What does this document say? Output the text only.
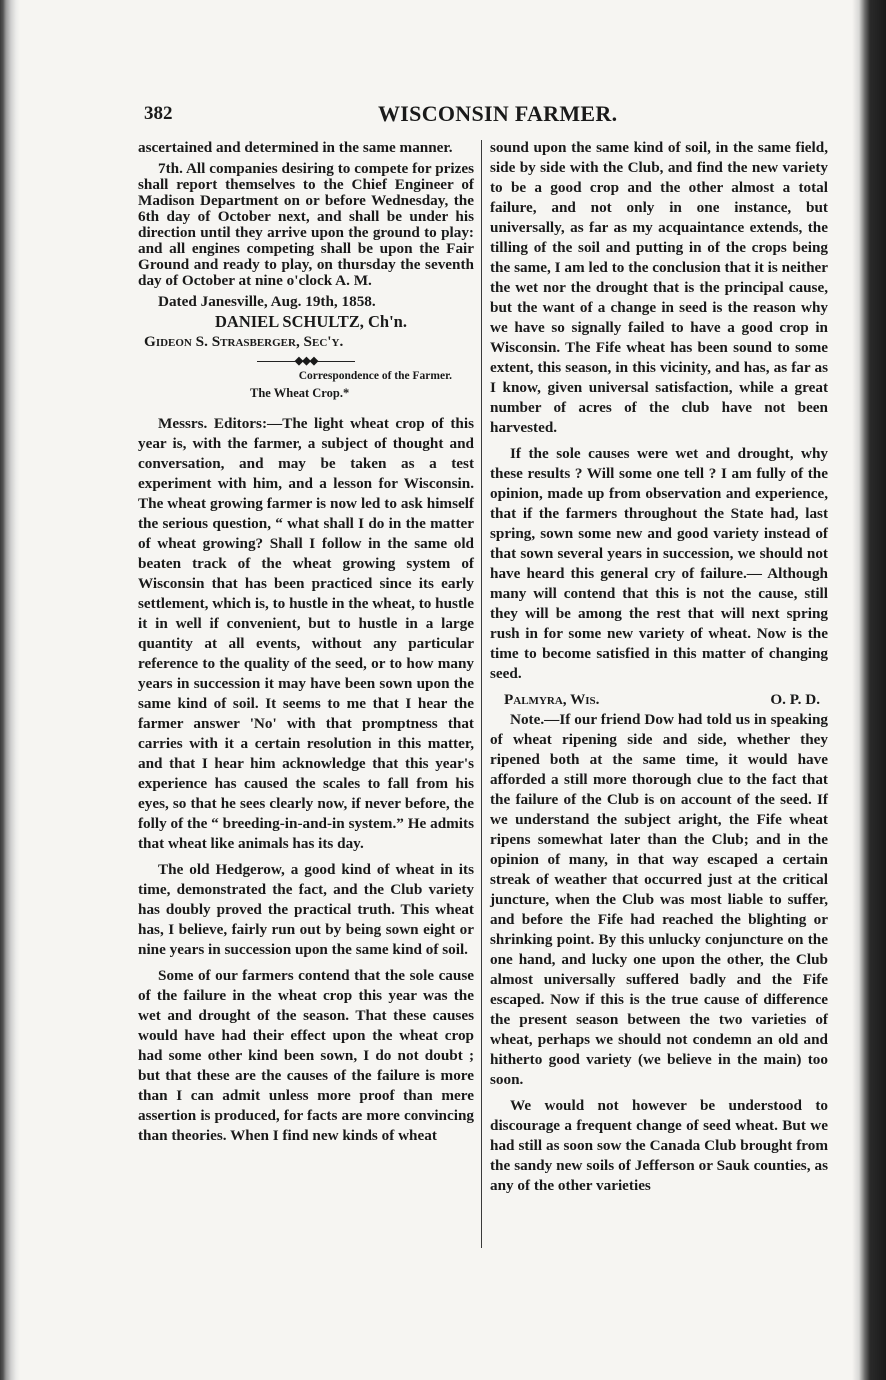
382	WISCONSIN FARMER.

ascertained and determined in the same manner.

7th. All companies desiring to compete for prizes shall report themselves to the Chief Engineer of Madison Department on or before Wednesday, the 6th day of October next, and shall be under his direction until they arrive upon the ground to play: and all engines competing shall be upon the Fair Ground and ready to play, on thursday the seventh day of October at nine o'clock A. M.

Dated Janesville, Aug. 19th, 1858.

DANIEL SCHULTZ, Ch'n.

Gideon S. Strasberger, Sec'y.

◆◆◆

Correspondence of the Farmer.

The Wheat Crop.*

Messrs. Editors:—The light wheat crop of this year is, with the farmer, a subject of thought and conversation, and may be taken as a test experiment with him, and a lesson for Wisconsin. The wheat growing farmer is now led to ask himself the serious question, “ what shall I do in the matter of wheat growing? Shall I follow in the same old beaten track of the wheat growing system of Wisconsin that has been practiced since its early settlement, which is, to hustle in the wheat, to hustle it in well if convenient, but to hustle in a large quantity at all events, without any particular reference to the quality of the seed, or to how many years in succession it may have been sown upon the same kind of soil. It seems to me that I hear the farmer answer 'No' with that promptness that carries with it a certain resolution in this matter, and that I hear him acknowledge that this year's experience has caused the scales to fall from his eyes, so that he sees clearly now, if never before, the folly of the “ breeding-in-and-in system.” He admits that wheat like animals has its day.

The old Hedgerow, a good kind of wheat in its time, demonstrated the fact, and the Club variety has doubly proved the practical truth. This wheat has, I believe, fairly run out by being sown eight or nine years in succession upon the same kind of soil.

Some of our farmers contend that the sole cause of the failure in the wheat crop this year was the wet and drought of the season. That these causes would have had their effect upon the wheat crop had some other kind been sown, I do not doubt ; but that these are the causes of the failure is more than I can admit unless more proof than mere assertion is produced, for facts are more convincing than theories. When I find new kinds of wheat

sound upon the same kind of soil, in the same field, side by side with the Club, and find the new variety to be a good crop and the other almost a total failure, and not only in one instance, but universally, as far as my acquaintance extends, the tilling of the soil and putting in of the crops being the same, I am led to the conclusion that it is neither the wet nor the drought that is the principal cause, but the want of a change in seed is the reason why we have so signally failed to have a good crop in Wisconsin. The Fife wheat has been sound to some extent, this season, in this vicinity, and has, as far as I know, given universal satisfaction, while a great number of acres of the club have not been harvested.

If the sole causes were wet and drought, why these results ? Will some one tell ? I am fully of the opinion, made up from observation and experience, that if the farmers throughout the State had, last spring, sown some new and good variety instead of that sown several years in succession, we should not have heard this general cry of failure.— Although many will contend that this is not the cause, still they will be among the rest that will next spring rush in for some new variety of wheat. Now is the time to become satisfied in this matter of changing seed.

Palmyra, Wis.	O. P. D.

Note.—If our friend Dow had told us in speaking of wheat ripening side and side, whether they ripened both at the same time, it would have afforded a still more thorough clue to the fact that the failure of the Club is on account of the seed. If we understand the subject aright, the Fife wheat ripens somewhat later than the Club; and in the opinion of many, in that way escaped a certain streak of weather that occurred just at the critical juncture, when the Club was most liable to suffer, and before the Fife had reached the blighting or shrinking point. By this unlucky conjuncture on the one hand, and lucky one upon the other, the Club almost universally suffered badly and the Fife escaped. Now if this is the true cause of difference the present season between the two varieties of wheat, perhaps we should not condemn an old and hitherto good variety (we believe in the main) too soon.

We would not however be understood to discourage a frequent change of seed wheat. But we had still as soon sow the Canada Club brought from the sandy new soils of Jefferson or Sauk counties, as any of the other varieties
